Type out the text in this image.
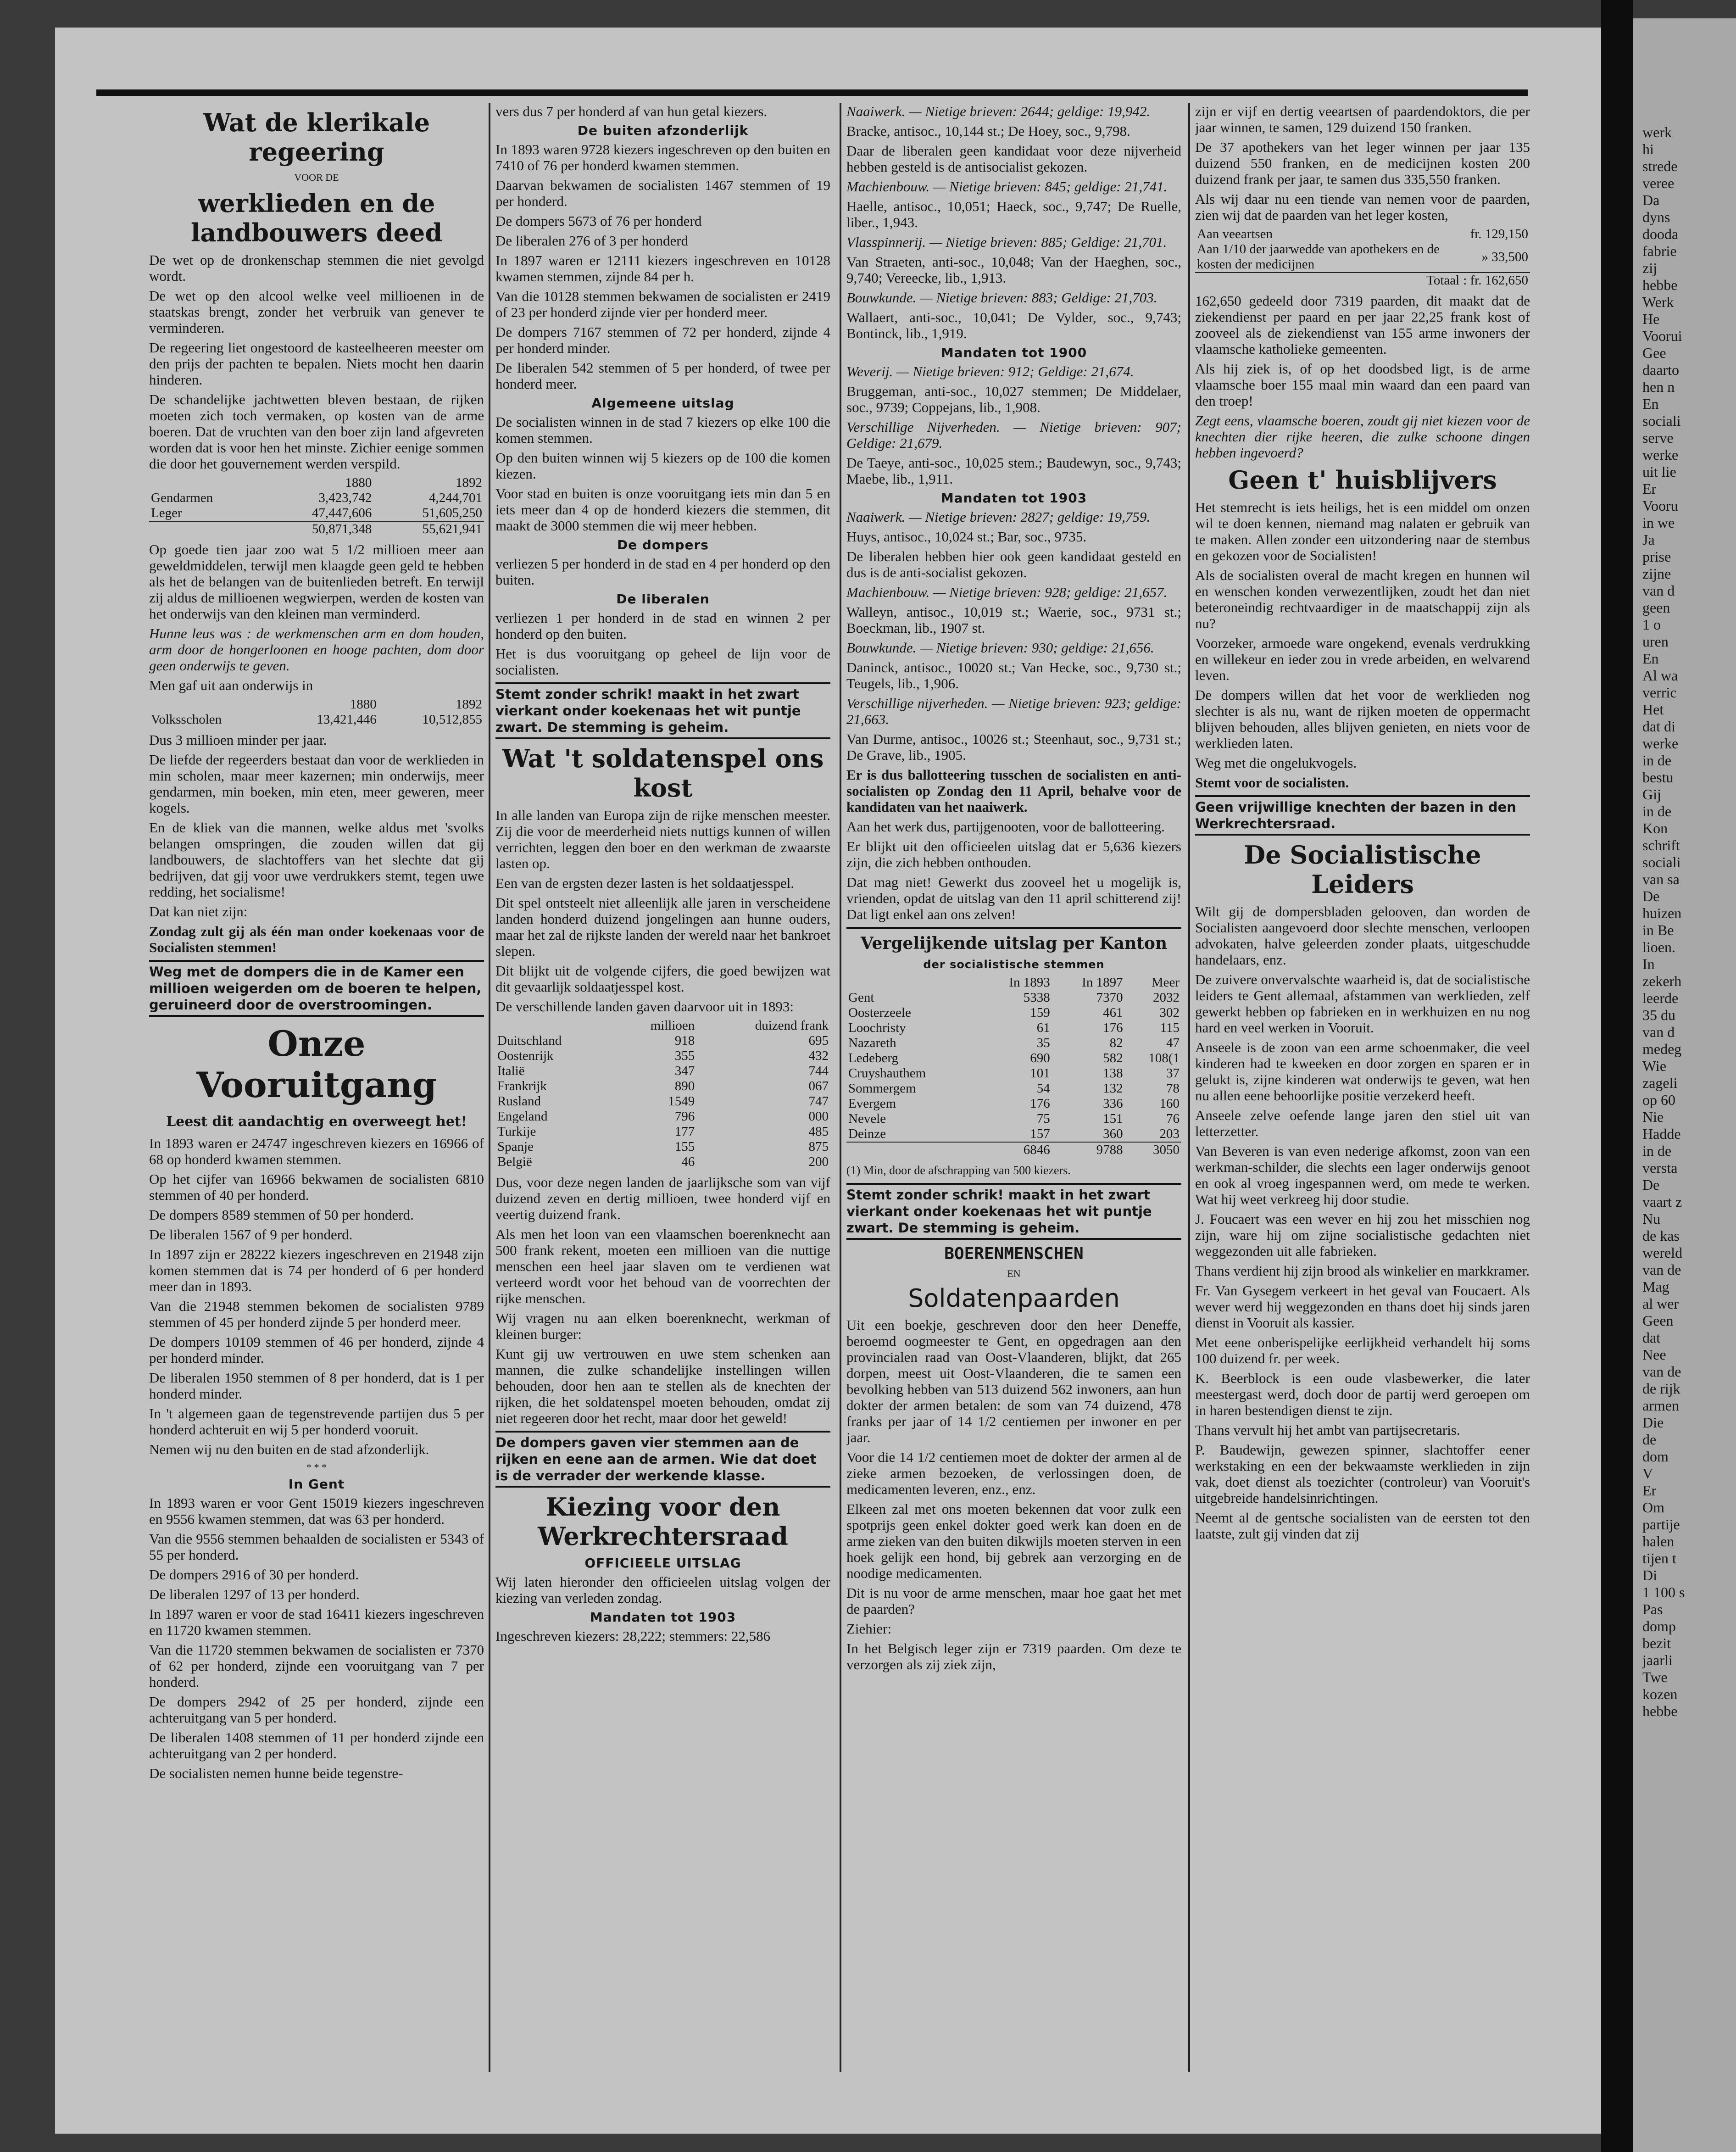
werk

hi

strede

veree

Da

dyns

dooda

fabrie

zij

hebbe

Werk

He

Voorui

Gee

daarto

hen n

En

sociali

serve

werke

uit lie

Er

Vooru

in we

Ja

prise

zijne

van d

geen

1 o

uren

En

Al wa

verric

Het

dat di

werke

in de

bestu

Gij

in de

Kon

schrift

sociali

van sa

De

huizen

in Be

lioen.

In

zekerh

leerde

35 du

van d

medeg

Wie

zageli

op 60

Nie

Hadde

in de

versta

De

vaart z

Nu

de kas

wereld

van de

Mag

al wer

Geen

dat

Nee

van de

de rijk

armen

Die

de

dom

V

Er

Om

partije

halen

tijen t

Di

1 100 s

Pas

domp

bezit

jaarli

Twe

kozen

hebbe

Wat de klerikale regeering
VOOR DE
werklieden en de landbouwers deed

De wet op de dronkenschap stemmen die niet gevolgd wordt.

De wet op den alcool welke veel millioenen in de staatskas brengt, zonder het verbruik van genever te verminderen.

De regeering liet ongestoord de kasteelheeren meester om den prijs der pachten te bepalen. Niets mocht hen daarin hinderen.

De schandelijke jachtwetten bleven bestaan, de rijken moeten zich toch vermaken, op kosten van de arme boeren. Dat de vruchten van den boer zijn land afgevreten worden dat is voor hen het minste. Zichier eenige sommen die door het gouvernement werden verspild.

	1880	1892
Gendarmen	3,423,742	4,244,701
Leger	47,447,606	51,605,250
	50,871,348	55,621,941

Op goede tien jaar zoo wat 5 1/2 millioen meer aan geweldmiddelen, terwijl men klaagde geen geld te hebben als het de belangen van de buitenlieden betreft. En terwijl zij aldus de millioenen wegwierpen, werden de kosten van het onderwijs van den kleinen man verminderd.

Hunne leus was : de werkmenschen arm en dom houden, arm door de hongerloonen en hooge pachten, dom door geen onderwijs te geven.

Men gaf uit aan onderwijs in

	1880	1892
Volksscholen	13,421,446	10,512,855

Dus 3 millioen minder per jaar.

De liefde der regeerders bestaat dan voor de werklieden in min scholen, maar meer kazernen; min onderwijs, meer gendarmen, min boeken, min eten, meer geweren, meer kogels.

En de kliek van die mannen, welke aldus met 'svolks belangen omspringen, die zouden willen dat gij landbouwers, de slachtoffers van het slechte dat gij bedrijven, dat gij voor uwe verdrukkers stemt, tegen uwe redding, het socialisme!

Dat kan niet zijn:

Zondag zult gij als één man onder koekenaas voor de Socialisten stemmen!

Weg met de dompers die in de Kamer een millioen weigerden om de boeren te helpen, geruineerd door de overstroomingen.
Onze Vooruitgang
Leest dit aandachtig en overweegt het!

In 1893 waren er 24747 ingeschreven kiezers en 16966 of 68 op honderd kwamen stemmen.

Op het cijfer van 16966 bekwamen de socialisten 6810 stemmen of 40 per honderd.

De dompers 8589 stemmen of 50 per honderd.

De liberalen 1567 of 9 per honderd.

In 1897 zijn er 28222 kiezers ingeschreven en 21948 zijn komen stemmen dat is 74 per honderd of 6 per honderd meer dan in 1893.

Van die 21948 stemmen bekomen de socialisten 9789 stemmen of 45 per honderd zijnde 5 per honderd meer.

De dompers 10109 stemmen of 46 per honderd, zijnde 4 per honderd minder.

De liberalen 1950 stemmen of 8 per honderd, dat is 1 per honderd minder.

In 't algemeen gaan de tegenstrevende partijen dus 5 per honderd achteruit en wij 5 per honderd vooruit.

Nemen wij nu den buiten en de stad afzonderlijk.

* * *
In Gent

In 1893 waren er voor Gent 15019 kiezers ingeschreven en 9556 kwamen stemmen, dat was 63 per honderd.

Van die 9556 stemmen behaalden de socialisten er 5343 of 55 per honderd.

De dompers 2916 of 30 per honderd.

De liberalen 1297 of 13 per honderd.

In 1897 waren er voor de stad 16411 kiezers ingeschreven en 11720 kwamen stemmen.

Van die 11720 stemmen bekwamen de socialisten er 7370 of 62 per honderd, zijnde een vooruitgang van 7 per honderd.

De dompers 2942 of 25 per honderd, zijnde een achteruitgang van 5 per honderd.

De liberalen 1408 stemmen of 11 per honderd zijnde een achteruitgang van 2 per honderd.

De socialisten nemen hunne beide tegenstre-

vers dus 7 per honderd af van hun getal kiezers.

De buiten afzonderlijk

In 1893 waren 9728 kiezers ingeschreven op den buiten en 7410 of 76 per honderd kwamen stemmen.

Daarvan bekwamen de socialisten 1467 stemmen of 19 per honderd.

De dompers 5673 of 76 per honderd

De liberalen 276 of 3 per honderd

In 1897 waren er 12111 kiezers ingeschreven en 10128 kwamen stemmen, zijnde 84 per h.

Van die 10128 stemmen bekwamen de socialisten er 2419 of 23 per honderd zijnde vier per honderd meer.

De dompers 7167 stemmen of 72 per honderd, zijnde 4 per honderd minder.

De liberalen 542 stemmen of 5 per honderd, of twee per honderd meer.

Algemeene uitslag

De socialisten winnen in de stad 7 kiezers op elke 100 die komen stemmen.

Op den buiten winnen wij 5 kiezers op de 100 die komen kiezen.

Voor stad en buiten is onze vooruitgang iets min dan 5 en iets meer dan 4 op de honderd kiezers die stemmen, dit maakt de 3000 stemmen die wij meer hebben.

De dompers

verliezen 5 per honderd in de stad en 4 per honderd op den buiten.

De liberalen

verliezen 1 per honderd in de stad en winnen 2 per honderd op den buiten.

Het is dus vooruitgang op geheel de lijn voor de socialisten.

Stemt zonder schrik! maakt in het zwart vierkant onder koekenaas het wit puntje zwart. De stemming is geheim.
Wat 't soldatenspel ons kost

In alle landen van Europa zijn de rijke menschen meester. Zij die voor de meerderheid niets nuttigs kunnen of willen verrichten, leggen den boer en den werkman de zwaarste lasten op.

Een van de ergsten dezer lasten is het soldaatjesspel.

Dit spel ontsteelt niet alleenlijk alle jaren in verscheidene landen honderd duizend jongelingen aan hunne ouders, maar het zal de rijkste landen der wereld naar het bankroet slepen.

Dit blijkt uit de volgende cijfers, die goed bewijzen wat dit gevaarlijk soldaatjesspel kost.

De verschillende landen gaven daarvoor uit in 1893:

	millioen	duizend frank
Duitschland	918	695
Oostenrijk	355	432
Italië	347	744
Frankrijk	890	067
Rusland	1549	747
Engeland	796	000
Turkije	177	485
Spanje	155	875
België	46	200

Dus, voor deze negen landen de jaarlijksche som van vijf duizend zeven en dertig millioen, twee honderd vijf en veertig duizend frank.

Als men het loon van een vlaamschen boerenknecht aan 500 frank rekent, moeten een millioen van die nuttige menschen een heel jaar slaven om te verdienen wat verteerd wordt voor het behoud van de voorrechten der rijke menschen.

Wij vragen nu aan elken boerenknecht, werkman of kleinen burger:

Kunt gij uw vertrouwen en uwe stem schenken aan mannen, die zulke schandelijke instellingen willen behouden, door hen aan te stellen als de knechten der rijken, die het soldatenspel moeten behouden, omdat zij niet regeeren door het recht, maar door het geweld!

De dompers gaven vier stemmen aan de rijken en eene aan de armen. Wie dat doet is de verrader der werkende klasse.
Kiezing voor den Werkrechtersraad
OFFICIEELE UITSLAG

Wij laten hieronder den officieelen uitslag volgen der kiezing van verleden zondag.

Mandaten tot 1903

Ingeschreven kiezers: 28,222; stemmers: 22,586

Naaiwerk. — Nietige brieven: 2644; geldige: 19,942.

Bracke, antisoc., 10,144 st.; De Hoey, soc., 9,798.

Daar de liberalen geen kandidaat voor deze nijverheid hebben gesteld is de antisocialist gekozen.

Machienbouw. — Nietige brieven: 845; geldige: 21,741.

Haelle, antisoc., 10,051; Haeck, soc., 9,747; De Ruelle, liber., 1,943.

Vlasspinnerij. — Nietige brieven: 885; Geldige: 21,701.

Van Straeten, anti-soc., 10,048; Van der Haeghen, soc., 9,740; Vereecke, lib., 1,913.

Bouwkunde. — Nietige brieven: 883; Geldige: 21,703.

Wallaert, anti-soc., 10,041; De Vylder, soc., 9,743; Bontinck, lib., 1,919.

Mandaten tot 1900

Weverij. — Nietige brieven: 912; Geldige: 21,674.

Bruggeman, anti-soc., 10,027 stemmen; De Middelaer, soc., 9739; Coppejans, lib., 1,908.

Verschillige Nijverheden. — Nietige brieven: 907; Geldige: 21,679.

De Taeye, anti-soc., 10,025 stem.; Baudewyn, soc., 9,743; Maebe, lib., 1,911.

Mandaten tot 1903

Naaiwerk. — Nietige brieven: 2827; geldige: 19,759.

Huys, antisoc., 10,024 st.; Bar, soc., 9735.

De liberalen hebben hier ook geen kandidaat gesteld en dus is de anti-socialist gekozen.

Machienbouw. — Nietige brieven: 928; geldige: 21,657.

Walleyn, antisoc., 10,019 st.; Waerie, soc., 9731 st.; Boeckman, lib., 1907 st.

Bouwkunde. — Nietige brieven: 930; geldige: 21,656.

Daninck, antisoc., 10020 st.; Van Hecke, soc., 9,730 st.; Teugels, lib., 1,906.

Verschillige nijverheden. — Nietige brieven: 923; geldige: 21,663.

Van Durme, antisoc., 10026 st.; Steenhaut, soc., 9,731 st.; De Grave, lib., 1905.

Er is dus ballotteering tusschen de socialisten en anti-socialisten op Zondag den 11 April, behalve voor de kandidaten van het naaiwerk.

Aan het werk dus, partijgenooten, voor de ballotteering.

Er blijkt uit den officieelen uitslag dat er 5,636 kiezers zijn, die zich hebben onthouden.

Dat mag niet! Gewerkt dus zooveel het u mogelijk is, vrienden, opdat de uitslag van den 11 april schitterend zij! Dat ligt enkel aan ons zelven!

Vergelijkende uitslag per Kanton
der socialistische stemmen
	In 1893	In 1897	Meer
Gent	5338	7370	2032
Oosterzeele	159	461	302
Loochristy	61	176	115
Nazareth	35	82	47
Ledeberg	690	582	108(1
Cruyshauthem	101	138	37
Sommergem	54	132	78
Evergem	176	336	160
Nevele	75	151	76
Deinze	157	360	203
	6846	9788	3050

(1) Min, door de afschrapping van 500 kiezers.

Stemt zonder schrik! maakt in het zwart vierkant onder koekenaas het wit puntje zwart. De stemming is geheim.
BOERENMENSCHEN
EN
Soldatenpaarden

Uit een boekje, geschreven door den heer Deneffe, beroemd oogmeester te Gent, en opgedragen aan den provincialen raad van Oost-Vlaanderen, blijkt, dat 265 dorpen, meest uit Oost-Vlaanderen, die te samen een bevolking hebben van 513 duizend 562 inwoners, aan hun dokter der armen betalen: de som van 74 duizend, 478 franks per jaar of 14 1/2 centiemen per inwoner en per jaar.

Voor die 14 1/2 centiemen moet de dokter der armen al de zieke armen bezoeken, de verlossingen doen, de medicamenten leveren, enz., enz.

Elkeen zal met ons moeten bekennen dat voor zulk een spotprijs geen enkel dokter goed werk kan doen en de arme zieken van den buiten dikwijls moeten sterven in een hoek gelijk een hond, bij gebrek aan verzorging en de noodige medicamenten.

Dit is nu voor de arme menschen, maar hoe gaat het met de paarden?

Ziehier:

In het Belgisch leger zijn er 7319 paarden. Om deze te verzorgen als zij ziek zijn,

zijn er vijf en dertig veeartsen of paardendoktors, die per jaar winnen, te samen, 129 duizend 150 franken.

De 37 apothekers van het leger winnen per jaar 135 duizend 550 franken, en de medicijnen kosten 200 duizend frank per jaar, te samen dus 335,550 franken.

Als wij daar nu een tiende van nemen voor de paarden, zien wij dat de paarden van het leger kosten,

Aan veeartsen	fr. 129,150
Aan 1/10 der jaarwedde van apothekers en de kosten der medicijnen	» 33,500
Totaal	: fr. 162,650

162,650 gedeeld door 7319 paarden, dit maakt dat de ziekendienst per paard en per jaar 22,25 frank kost of zooveel als de ziekendienst van 155 arme inwoners der vlaamsche katholieke gemeenten.

Als hij ziek is, of op het doodsbed ligt, is de arme vlaamsche boer 155 maal min waard dan een paard van den troep!

Zegt eens, vlaamsche boeren, zoudt gij niet kiezen voor de knechten dier rijke heeren, die zulke schoone dingen hebben ingevoerd?

Geen t' huisblijvers

Het stemrecht is iets heiligs, het is een middel om onzen wil te doen kennen, niemand mag nalaten er gebruik van te maken. Allen zonder een uitzondering naar de stembus en gekozen voor de Socialisten!

Als de socialisten overal de macht kregen en hunnen wil en wenschen konden verwezentlijken, zoudt het dan niet beteroneindig rechtvaardiger in de maatschappij zijn als nu?

Voorzeker, armoede ware ongekend, evenals verdrukking en willekeur en ieder zou in vrede arbeiden, en welvarend leven.

De dompers willen dat het voor de werklieden nog slechter is als nu, want de rijken moeten de oppermacht blijven behouden, alles blijven genieten, en niets voor de werklieden laten.

Weg met die ongelukvogels.

Stemt voor de socialisten.

Geen vrijwillige knechten der bazen in den Werkrechtersraad.
De Socialistische Leiders

Wilt gij de dompersbladen gelooven, dan worden de Socialisten aangevoerd door slechte menschen, verloopen advokaten, halve geleerden zonder plaats, uitgeschudde handelaars, enz.

De zuivere onvervalschte waarheid is, dat de socialistische leiders te Gent allemaal, afstammen van werklieden, zelf gewerkt hebben op fabrieken en in werkhuizen en nu nog hard en veel werken in Vooruit.

Anseele is de zoon van een arme schoenmaker, die veel kinderen had te kweeken en door zorgen en sparen er in gelukt is, zijne kinderen wat onderwijs te geven, wat hen nu allen eene behoorlijke positie verzekerd heeft.

Anseele zelve oefende lange jaren den stiel uit van letterzetter.

Van Beveren is van even nederige afkomst, zoon van een werkman-schilder, die slechts een lager onderwijs genoot en ook al vroeg ingespannen werd, om mede te werken. Wat hij weet verkreeg hij door studie.

J. Foucaert was een wever en hij zou het misschien nog zijn, ware hij om zijne socialistische gedachten niet weggezonden uit alle fabrieken.

Thans verdient hij zijn brood als winkelier en markkramer.

Fr. Van Gysegem verkeert in het geval van Foucaert. Als wever werd hij weggezonden en thans doet hij sinds jaren dienst in Vooruit als kassier.

Met eene onberispelijke eerlijkheid verhandelt hij soms 100 duizend fr. per week.

K. Beerblock is een oude vlasbewerker, die later meestergast werd, doch door de partij werd geroepen om in haren bestendigen dienst te zijn.

Thans vervult hij het ambt van partijsecretaris.

P. Baudewijn, gewezen spinner, slachtoffer eener werkstaking en een der bekwaamste werklieden in zijn vak, doet dienst als toezichter (controleur) van Vooruit's uitgebreide handelsinrichtingen.

Neemt al de gentsche socialisten van de eersten tot den laatste, zult gij vinden dat zij
